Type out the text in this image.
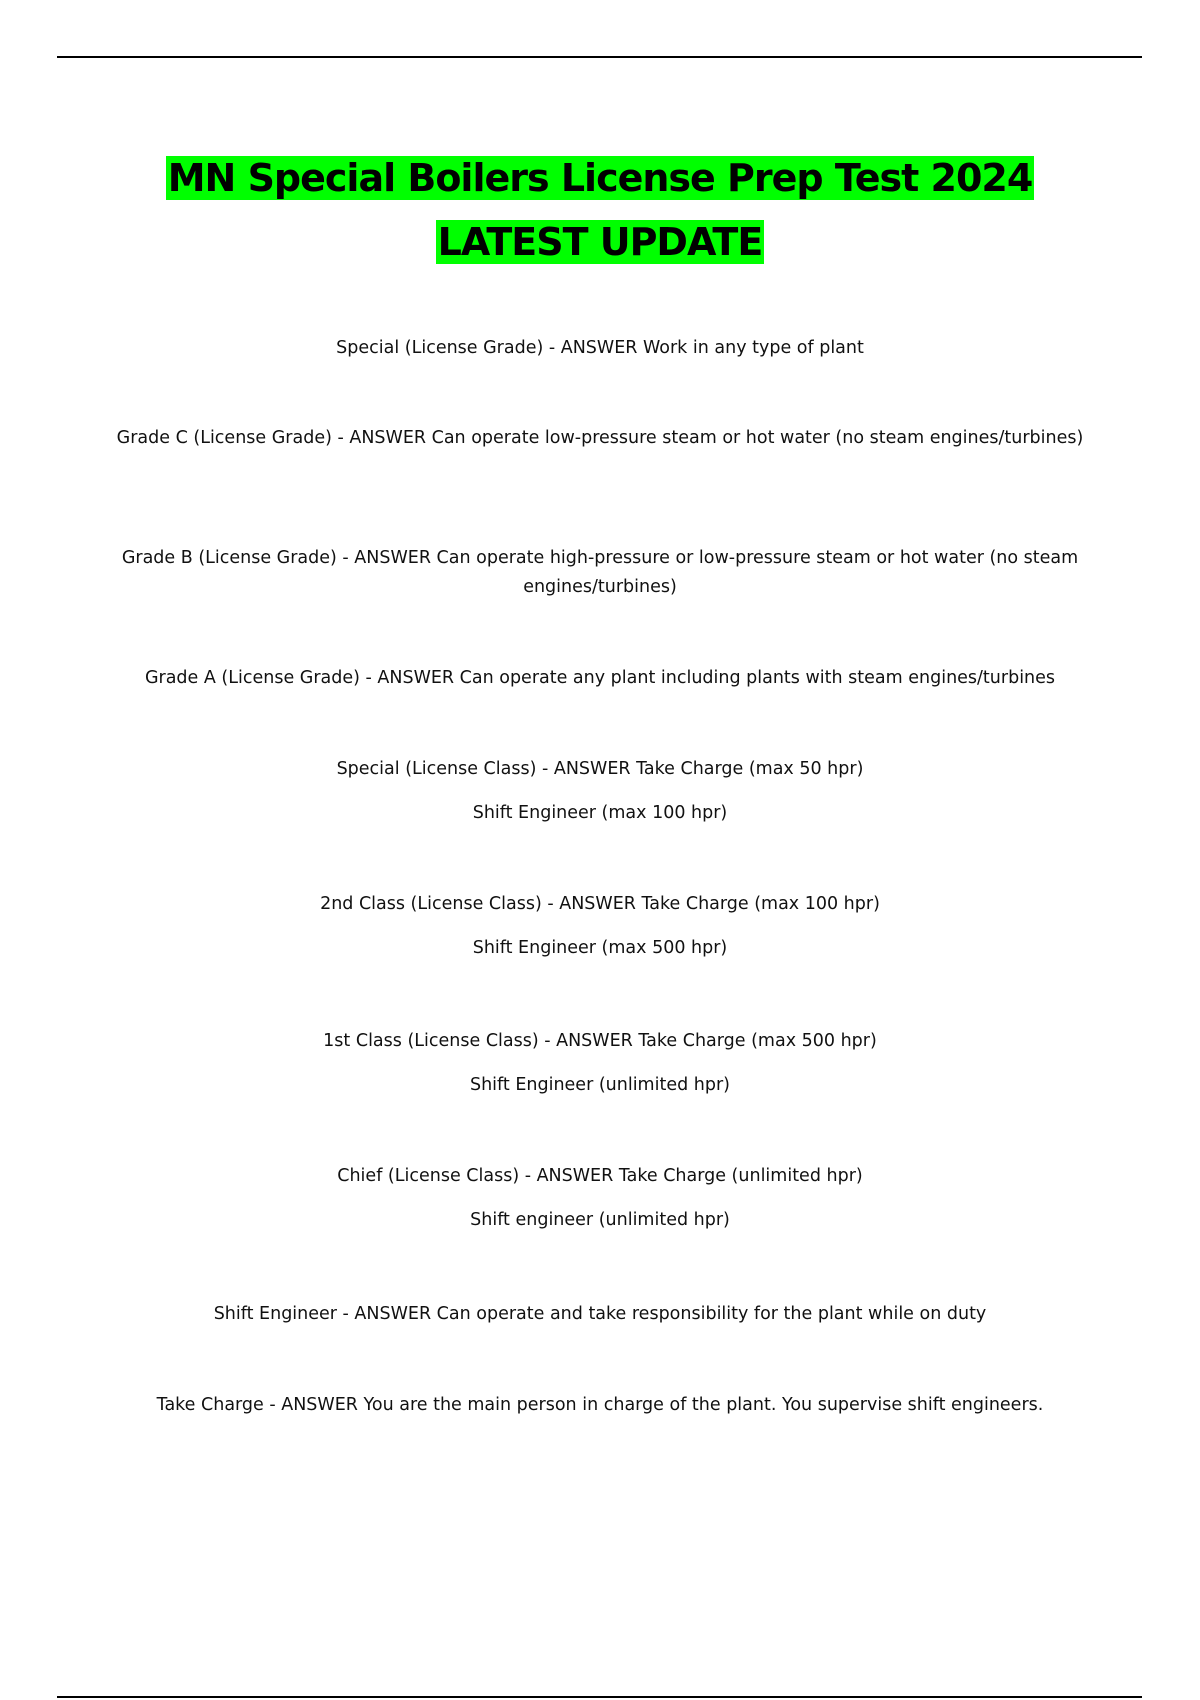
MN Special Boilers License Prep Test 2024
LATEST UPDATE
Special (License Grade) - ANSWER Work in any type of plant
Grade C (License Grade) - ANSWER Can operate low-pressure steam or hot water (no steam engines/turbines)
Grade B (License Grade) - ANSWER Can operate high-pressure or low-pressure steam or hot water (no steam engines/turbines)
Grade A (License Grade) - ANSWER Can operate any plant including plants with steam engines/turbines
Special (License Class) - ANSWER Take Charge (max 50 hpr)
Shift Engineer (max 100 hpr)
2nd Class (License Class) - ANSWER Take Charge (max 100 hpr)
Shift Engineer (max 500 hpr)
1st Class (License Class) - ANSWER Take Charge (max 500 hpr)
Shift Engineer (unlimited hpr)
Chief (License Class) - ANSWER Take Charge (unlimited hpr)
Shift engineer (unlimited hpr)
Shift Engineer - ANSWER Can operate and take responsibility for the plant while on duty
Take Charge - ANSWER You are the main person in charge of the plant. You supervise shift engineers.
